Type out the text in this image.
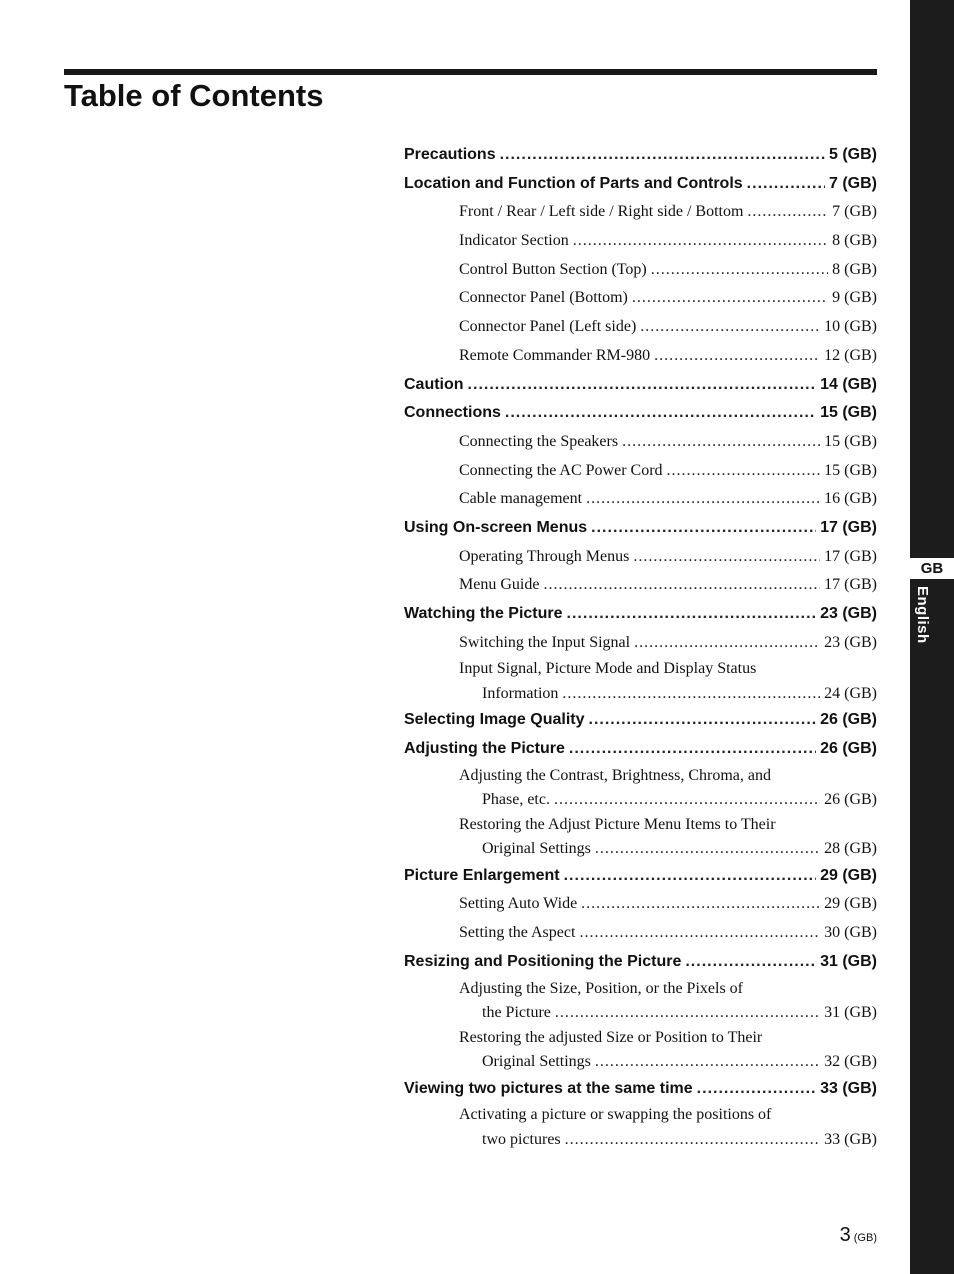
Table of Contents
GB
English
Precautions .....	5 (GB)
Location and Function of Parts and Controls .....	7 (GB)
Front / Rear / Left side / Right side / Bottom .....	7 (GB)
Indicator Section .....	8 (GB)
Control Button Section (Top) .....	8 (GB)
Connector Panel (Bottom) .....	9 (GB)
Connector Panel (Left side) .....	10 (GB)
Remote Commander RM-980 .....	12 (GB)
Caution .....	14 (GB)
Connections .....	15 (GB)
Connecting the Speakers .....	15 (GB)
Connecting the AC Power Cord .....	15 (GB)
Cable management .....	16 (GB)
Using On-screen Menus .....	17 (GB)
Operating Through Menus .....	17 (GB)
Menu Guide .....	17 (GB)
Watching the Picture .....	23 (GB)
Switching the Input Signal .....	23 (GB)
Input Signal, Picture Mode and Display Status
Information .....	24 (GB)
Selecting Image Quality .....	26 (GB)
Adjusting the Picture .....	26 (GB)
Adjusting the Contrast, Brightness, Chroma, and
Phase, etc. .....	26 (GB)
Restoring the Adjust Picture Menu Items to Their
Original Settings .....	28 (GB)
Picture Enlargement .....	29 (GB)
Setting Auto Wide .....	29 (GB)
Setting the Aspect .....	30 (GB)
Resizing and Positioning the Picture .....	31 (GB)
Adjusting the Size, Position, or the Pixels of
the Picture .....	31 (GB)
Restoring the adjusted Size or Position to Their
Original Settings .....	32 (GB)
Viewing two pictures at the same time .....	33 (GB)
Activating a picture or swapping the positions of
two pictures .....	33 (GB)
3 (GB)
